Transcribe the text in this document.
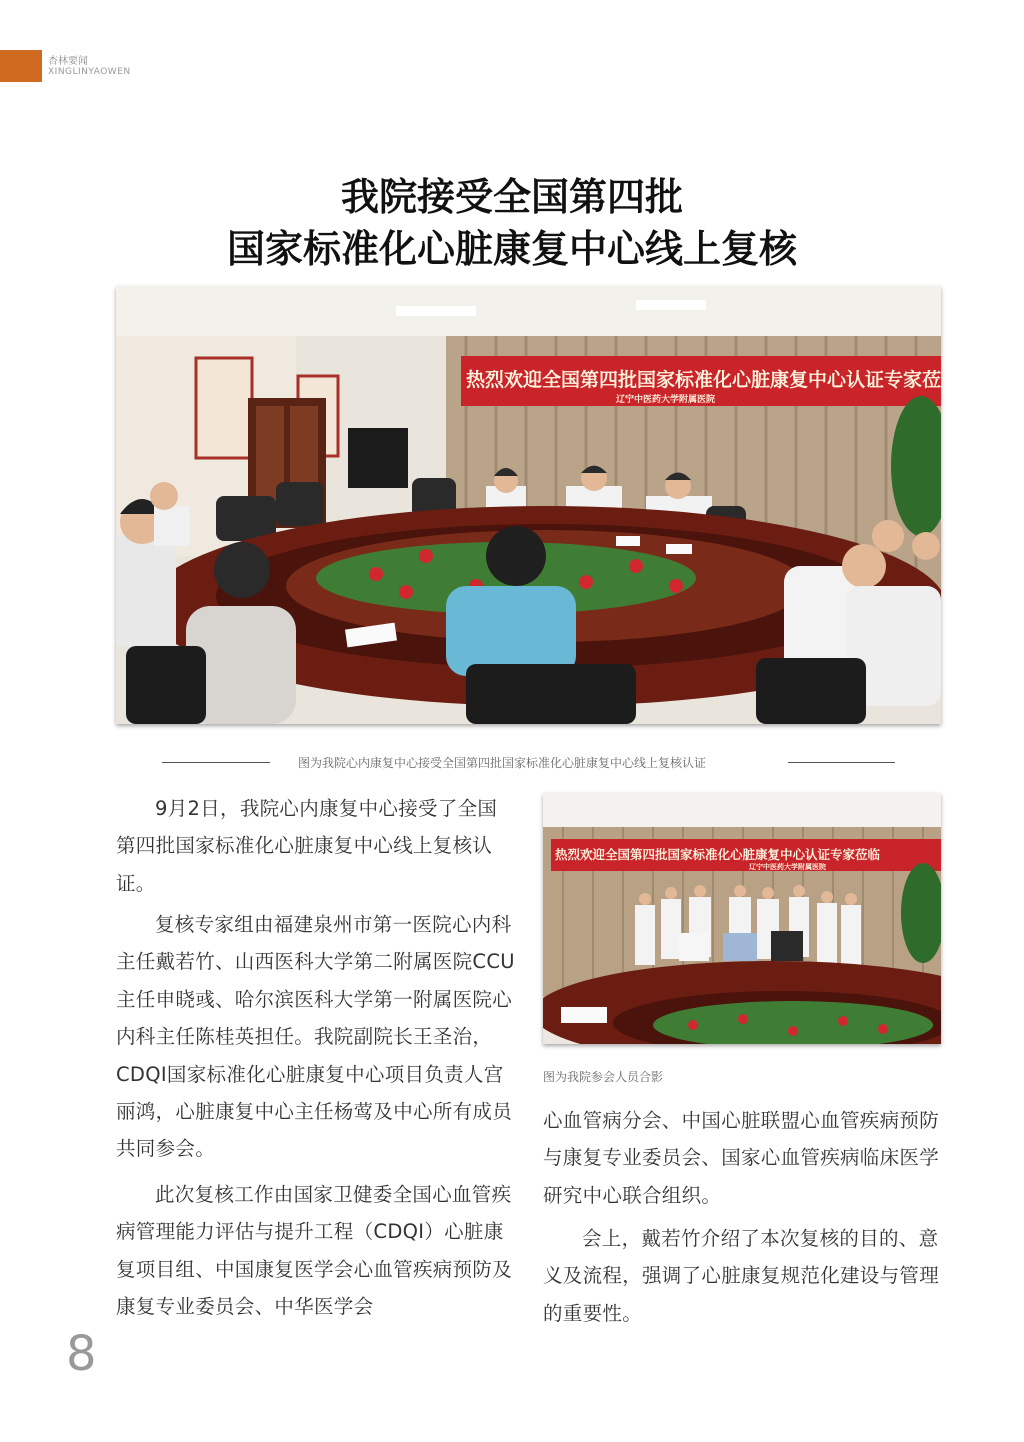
杏林要闻
XINGLINYAOWEN
我院接受全国第四批
国家标准化心脏康复中心线上复核
热烈欢迎全国第四批国家标准化心脏康复中心认证专家莅
辽宁中医药大学附属医院
图为我院心内康复中心接受全国第四批国家标准化心脏康复中心线上复核认证
热烈欢迎全国第四批国家标准化心脏康复中心认证专家莅临
辽宁中医药大学附属医院
图为我院参会人员合影

9月2日，我院心内康复中心接受了全国第四批国家标准化心脏康复中心线上复核认证。

复核专家组由福建泉州市第一医院心内科主任戴若竹、山西医科大学第二附属医院CCU主任申晓彧、哈尔滨医科大学第一附属医院心内科主任陈桂英担任。我院副院长王圣治，CDQI国家标准化心脏康复中心项目负责人宫丽鸿，心脏康复中心主任杨莺及中心所有成员共同参会。

此次复核工作由国家卫健委全国心血管疾病管理能力评估与提升工程（CDQI）心脏康复项目组、中国康复医学会心血管疾病预防及康复专业委员会、中华医学会

心血管病分会、中国心脏联盟心血管疾病预防与康复专业委员会、国家心血管疾病临床医学研究中心联合组织。

会上，戴若竹介绍了本次复核的目的、意义及流程，强调了心脏康复规范化建设与管理的重要性。

8
